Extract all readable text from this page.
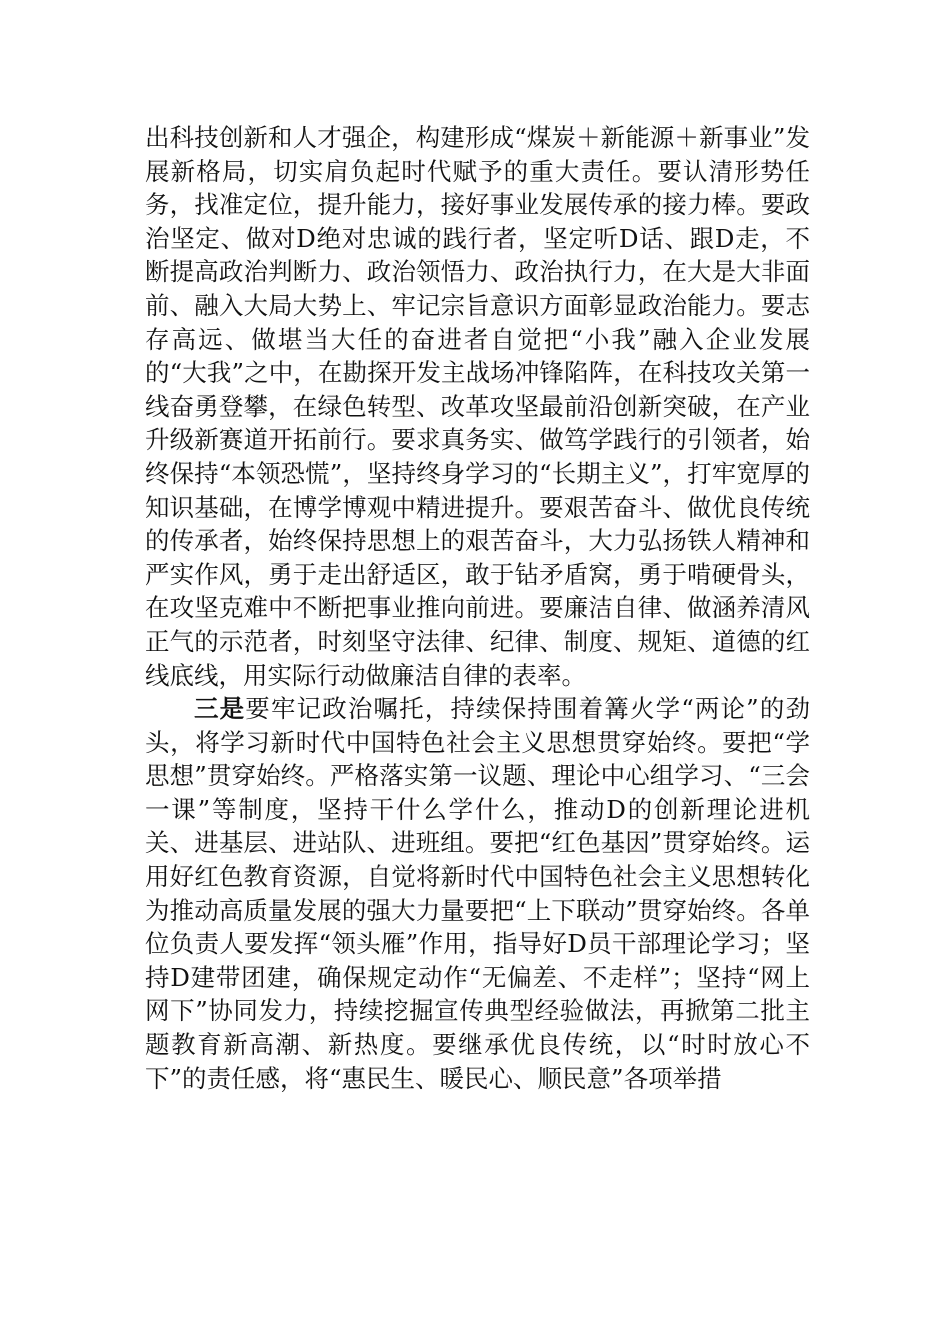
出科技创新和人才强企，构建形成“煤炭＋新能源＋新事业”发展新格局，切实肩负起时代赋予的重大责任。要认清形势任务，找准定位，提升能力，接好事业发展传承的接力棒。要政治坚定、做对D绝对忠诚的践行者，坚定听D话、跟D走，不断提高政治判断力、政治领悟力、政治执行力，在大是大非面前、融入大局大势上、牢记宗旨意识方面彰显政治能力。要志存高远、做堪当大任的奋进者自觉把“小我”融入企业发展的“大我”之中，在勘探开发主战场冲锋陷阵，在科技攻关第一线奋勇登攀，在绿色转型、改革攻坚最前沿创新突破，在产业升级新赛道开拓前行。要求真务实、做笃学践行的引领者，始终保持“本领恐慌”，坚持终身学习的“长期主义”，打牢宽厚的知识基础，在博学博观中精进提升。要艰苦奋斗、做优良传统的传承者，始终保持思想上的艰苦奋斗，大力弘扬铁人精神和严实作风，勇于走出舒适区，敢于钻矛盾窝，勇于啃硬骨头，在攻坚克难中不断把事业推向前进。要廉洁自律、做涵养清风正气的示范者，时刻坚守法律、纪律、制度、规矩、道德的红线底线，用实际行动做廉洁自律的表率。

三是要牢记政治嘱托，持续保持围着篝火学“两论”的劲头，将学习新时代中国特色社会主义思想贯穿始终。要把“学思想”贯穿始终。严格落实第一议题、理论中心组学习、“三会一课”等制度，坚持干什么学什么，推动D的创新理论进机关、进基层、进站队、进班组。要把“红色基因”贯穿始终。运用好红色教育资源，自觉将新时代中国特色社会主义思想转化为推动高质量发展的强大力量要把“上下联动”贯穿始终。各单位负责人要发挥“领头雁”作用，指导好D员干部理论学习；坚持D建带团建，确保规定动作“无偏差、不走样”；坚持“网上网下”协同发力，持续挖掘宣传典型经验做法，再掀第二批主题教育新高潮、新热度。要继承优良传统，以“时时放心不下”的责任感，将“惠民生、暖民心、顺民意”各项举措
